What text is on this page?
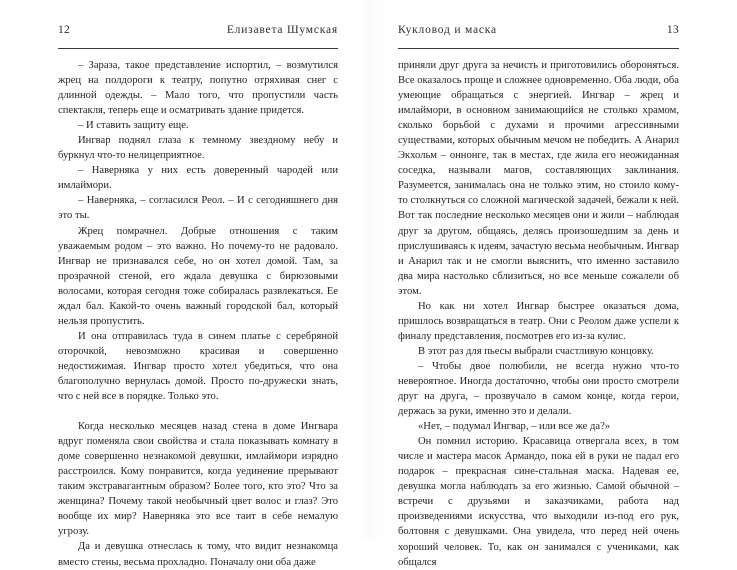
12	Елизавета Шумская

– Зараза, такое представление испортил, – возмутился жрец на полдороги к театру, попутно отряхивая снег с длинной одежды. – Мало того, что пропустили часть спектакля, теперь еще и осматривать здание придется.

– И ставить защиту еще.

Ингвар поднял глаза к темному звездному небу и буркнул что-то нелицеприятное.

– Наверняка у них есть доверенный чародей или имлаймори.

– Наверняка, – согласился Реол. – И с сегодняшнего дня это ты.

Жрец помрачнел. Добрые отношения с таким уважаемым родом – это важно. Но почему-то не радовало. Ингвар не признавался себе, но он хотел домой. Там, за прозрачной стеной, его ждала девушка с бирюзовыми волосами, которая сегодня тоже собиралась развлекаться. Ее ждал бал. Какой-то очень важный городской бал, который нельзя пропустить.

И она отправилась туда в синем платье с серебряной оторочкой, невозможно красивая и совершенно недостижимая. Ингвар просто хотел убедиться, что она благополучно вернулась домой. Просто по-дружески знать, что с ней все в порядке. Только это.

Когда несколько месяцев назад стена в доме Ингвара вдруг поменяла свои свойства и стала показывать комнату в доме совершенно незнакомой девушки, имлаймори изрядно расстроился. Кому понравится, когда уединение прерывают таким экстравагантным образом? Более того, кто это? Что за женщина? Почему такой необычный цвет волос и глаз? Это вообще их мир? Наверняка это все таит в себе немалую угрозу.

Да и девушка отнеслась к тому, что видит незнакомца вместо стены, весьма прохладно. Поначалу они оба даже

Кукловод и маска	13

приняли друг друга за нечисть и приготовились обороняться. Все оказалось проще и сложнее одновременно. Оба люди, оба умеющие обращаться с энергией. Ингвар – жрец и имлаймори, в основном занимающийся не столько храмом, сколько борьбой с духами и прочими агрессивными существами, которых обычным мечом не победить. А Анарил Экхольм – оннонге, так в местах, где жила его неожиданная соседка, называли магов, составляющих заклинания. Разумеется, занималась она не только этим, но стоило кому-то столкнуться со сложной магической задачей, бежали к ней. Вот так последние несколько месяцев они и жили – наблюдая друг за другом, общаясь, делясь произошедшим за день и прислушиваясь к идеям, зачастую весьма необычным. Ингвар и Анарил так и не смогли выяснить, что именно заставило два мира настолько сблизиться, но все меньше сожалели об этом.

Но как ни хотел Ингвар быстрее оказаться дома, пришлось возвращаться в театр. Они с Реолом даже успели к финалу представления, посмотрев его из-за кулис.

В этот раз для пьесы выбрали счастливую концовку.

– Чтобы двое полюбили, не всегда нужно что-то невероятное. Иногда достаточно, чтобы они просто смотрели друг на друга, – прозвучало в самом конце, когда герои, держась за руки, именно это и делали.

«Нет, – подумал Ингвар, – или все же да?»

Он помнил историю. Красавица отвергала всех, в том числе и мастера масок Армандо, пока ей в руки не падал его подарок – прекрасная сине-стальная маска. Надевая ее, девушка могла наблюдать за его жизнью. Самой обычной – встречи с друзьями и заказчиками, работа над произведениями искусства, что выходили из-под его рук, болтовня с девушками. Она увидела, что перед ней очень хороший человек. То, как он занимался с учениками, как общался
